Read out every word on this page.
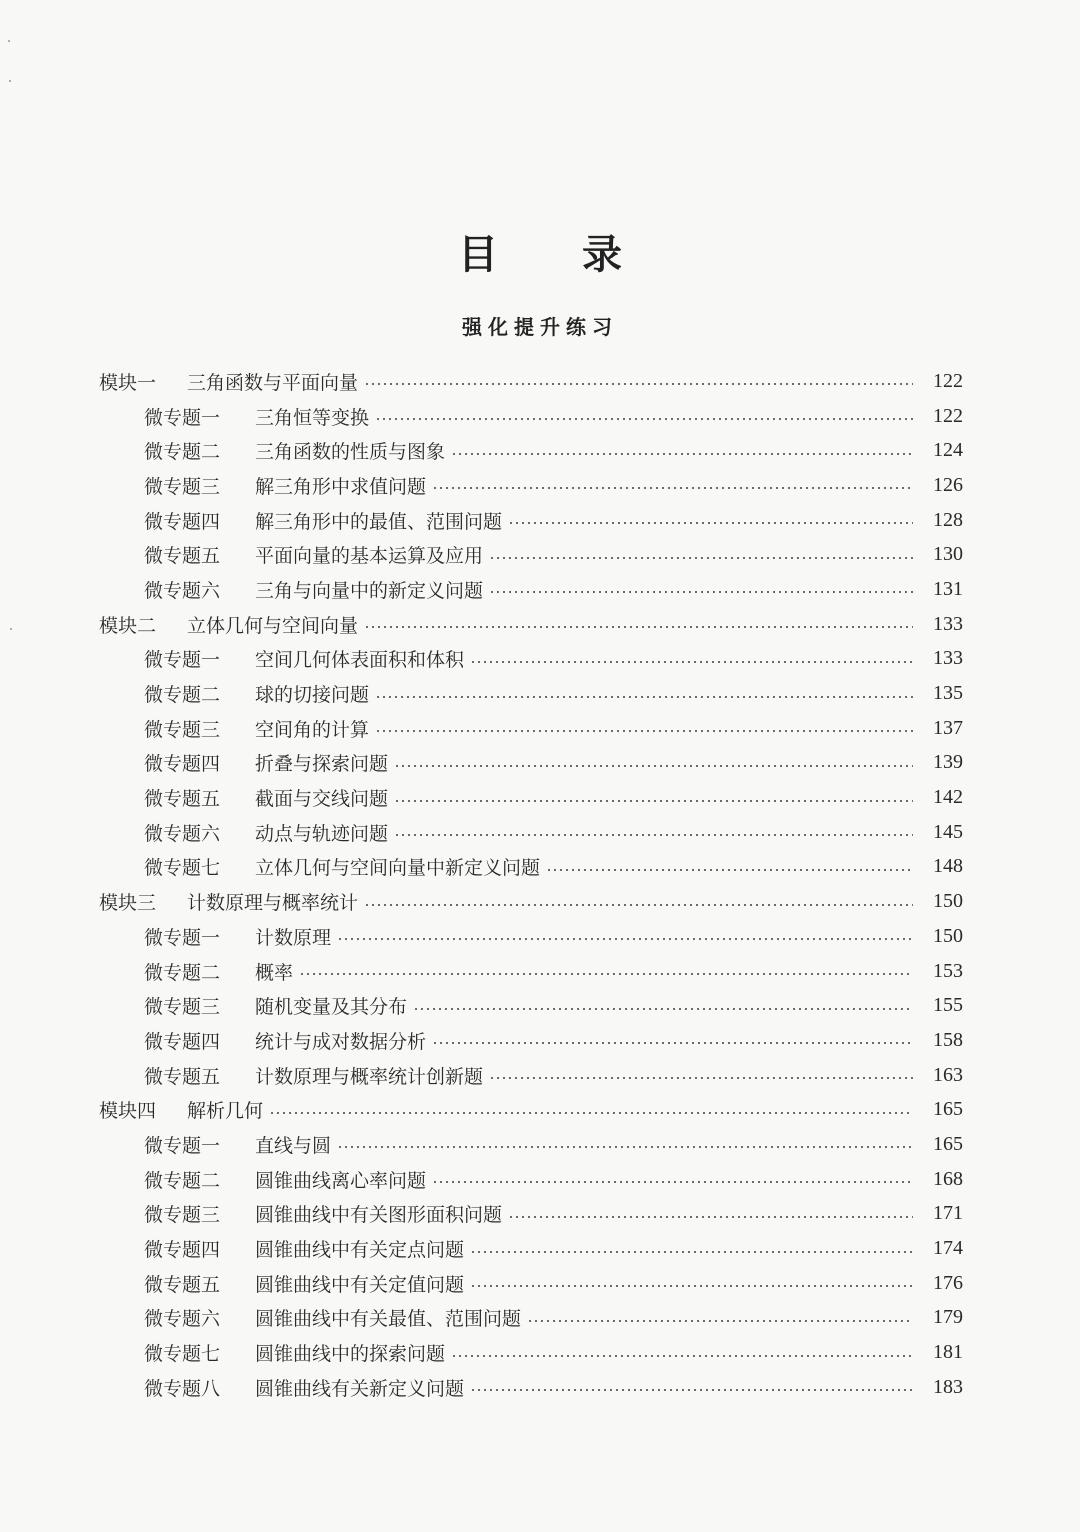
目录
强化提升练习
模块一	三角函数与平面向量	122
微专题一	三角恒等变换	122
微专题二	三角函数的性质与图象	124
微专题三	解三角形中求值问题	126
微专题四	解三角形中的最值、范围问题	128
微专题五	平面向量的基本运算及应用	130
微专题六	三角与向量中的新定义问题	131
模块二	立体几何与空间向量	133
微专题一	空间几何体表面积和体积	133
微专题二	球的切接问题	135
微专题三	空间角的计算	137
微专题四	折叠与探索问题	139
微专题五	截面与交线问题	142
微专题六	动点与轨迹问题	145
微专题七	立体几何与空间向量中新定义问题	148
模块三	计数原理与概率统计	150
微专题一	计数原理	150
微专题二	概率	153
微专题三	随机变量及其分布	155
微专题四	统计与成对数据分析	158
微专题五	计数原理与概率统计创新题	163
模块四	解析几何	165
微专题一	直线与圆	165
微专题二	圆锥曲线离心率问题	168
微专题三	圆锥曲线中有关图形面积问题	171
微专题四	圆锥曲线中有关定点问题	174
微专题五	圆锥曲线中有关定值问题	176
微专题六	圆锥曲线中有关最值、范围问题	179
微专题七	圆锥曲线中的探索问题	181
微专题八	圆锥曲线有关新定义问题	183
